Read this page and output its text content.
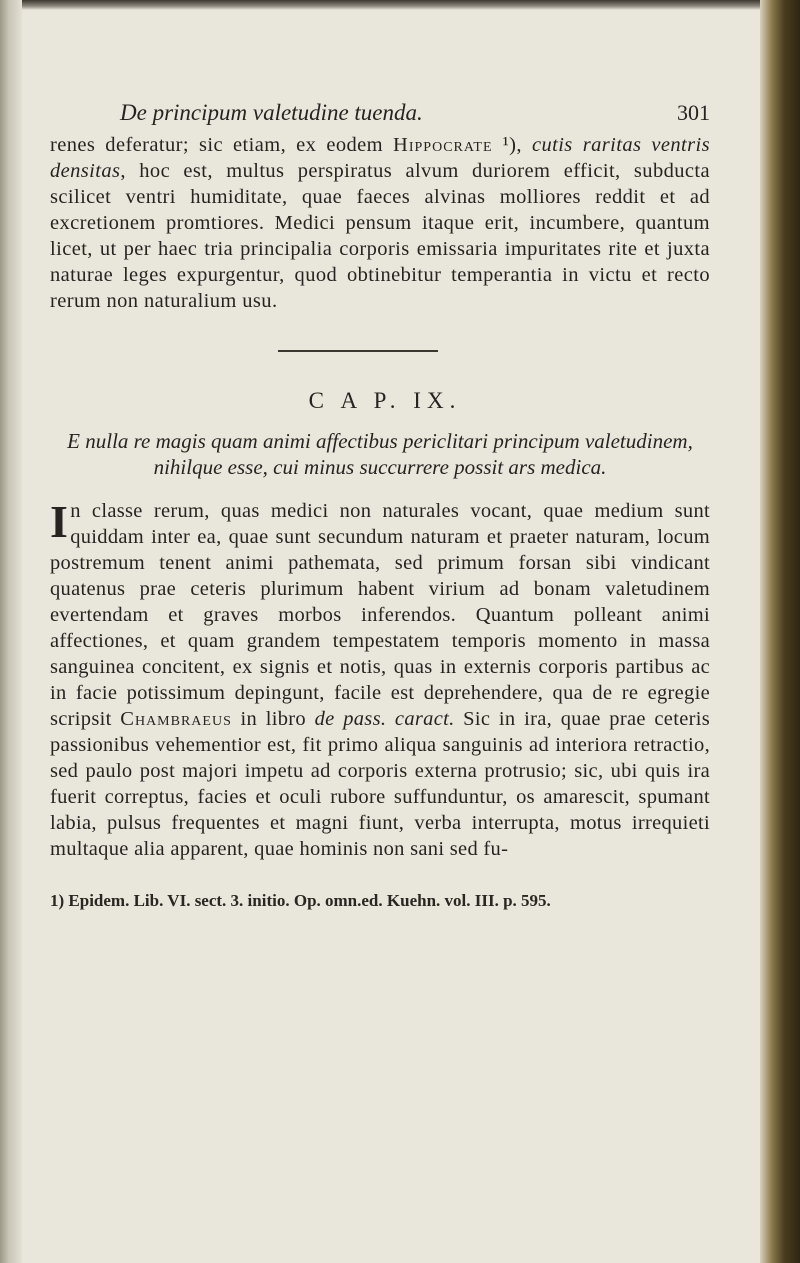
De principum valetudine tuenda.	301

renes deferatur; sic etiam, ex eodem Hippocrate ¹), cutis raritas ventris densitas, hoc est, multus perspiratus alvum duriorem efficit, subducta scilicet ventri humiditate, quae faeces alvinas molliores reddit et ad excretionem promtiores. Medici pensum itaque erit, incumbere, quantum licet, ut per haec tria principalia corporis emissaria impuritates rite et juxta naturae leges expurgentur, quod obtinebitur temperantia in victu et recto rerum non naturalium usu.

C A P. IX.

E nulla re magis quam animi affectibus periclitari principum valetudinem, nihilque esse, cui minus succurrere possit ars medica.

In classe rerum, quas medici non naturales vocant, quae medium sunt quiddam inter ea, quae sunt secundum naturam et praeter naturam, locum postremum tenent animi pathemata, sed primum forsan sibi vindicant quatenus prae ceteris plurimum habent virium ad bonam valetudinem evertendam et graves morbos inferendos. Quantum polleant animi affectiones, et quam grandem tempestatem temporis momento in massa sanguinea concitent, ex signis et notis, quas in externis corporis partibus ac in facie potissimum depingunt, facile est deprehendere, qua de re egregie scripsit Chambraeus in libro de pass. caract. Sic in ira, quae prae ceteris passionibus vehementior est, fit primo aliqua sanguinis ad interiora retractio, sed paulo post majori impetu ad corporis externa protrusio; sic, ubi quis ira fuerit correptus, facies et oculi rubore suffunduntur, os amarescit, spumant labia, pulsus frequentes et magni fiunt, verba interrupta, motus irrequieti multaque alia apparent, quae hominis non sani sed fu-

1) Epidem. Lib. VI. sect. 3. initio. Op. omn.ed. Kuehn. vol. III. p. 595.
